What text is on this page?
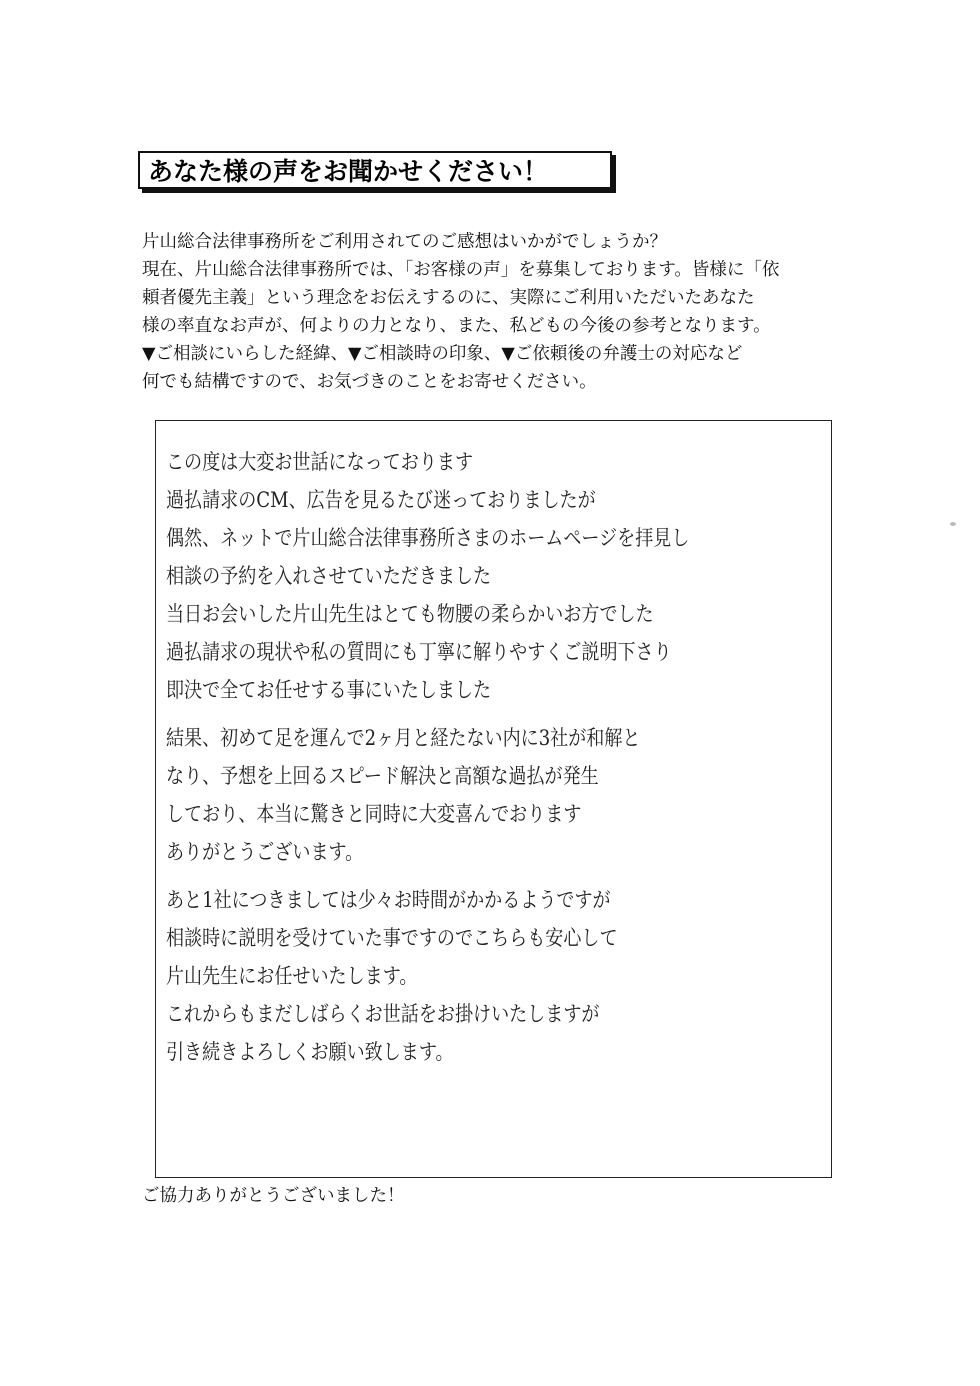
あなた様の声をお聞かせください！
片山総合法律事務所をご利用されてのご感想はいかがでしょうか？
現在、片山総合法律事務所では、「お客様の声」を募集しております。皆様に「依
頼者優先主義」という理念をお伝えするのに、実際にご利用いただいたあなた
様の率直なお声が、何よりの力となり、また、私どもの今後の参考となります。
▼ご相談にいらした経緯、▼ご相談時の印象、▼ご依頼後の弁護士の対応など
何でも結構ですので、お気づきのことをお寄せください。
この度は大変お世話になっております
過払請求のCM、広告を見るたび迷っておりましたが
偶然、ネットで片山総合法律事務所さまのホームページを拝見し
相談の予約を入れさせていただきました
当日お会いした片山先生はとても物腰の柔らかいお方でした
過払請求の現状や私の質問にも丁寧に解りやすくご説明下さり
即決で全てお任せする事にいたしました
結果、初めて足を運んで2ヶ月と経たない内に3社が和解と
なり、予想を上回るスピード解決と高額な過払が発生
しており、本当に驚きと同時に大変喜んでおります
ありがとうございます。
あと1社につきましては少々お時間がかかるようですが
相談時に説明を受けていた事ですのでこちらも安心して
片山先生にお任せいたします。
これからもまだしばらくお世話をお掛けいたしますが
引き続きよろしくお願い致します。
ご協力ありがとうございました！
